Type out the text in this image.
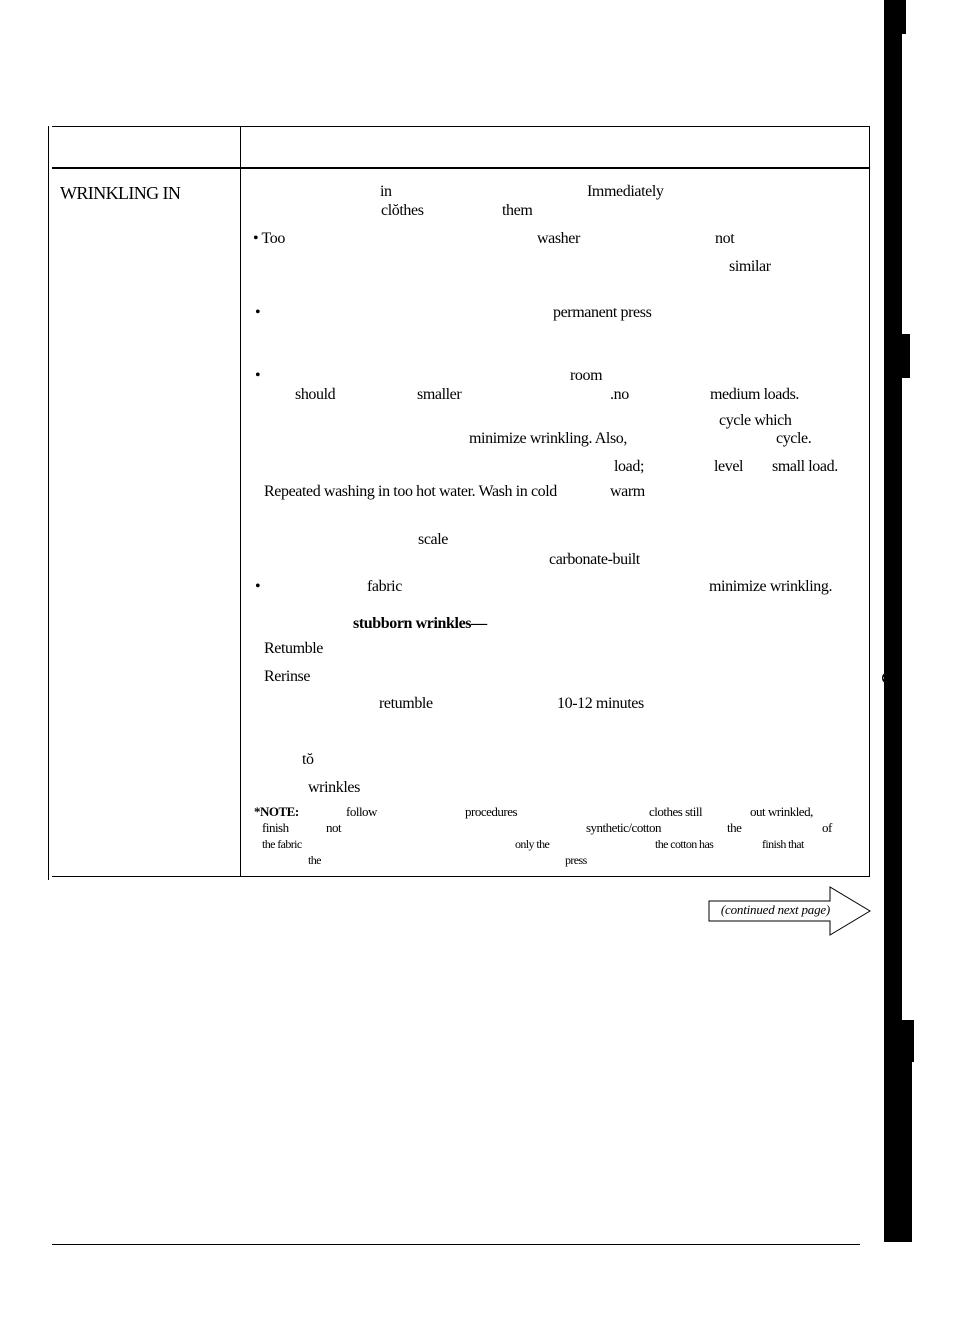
ȯ
WRINKLING IN	in	Immediately
clŏthes	them
• Too	washer	not
similar
•	permanent press
•	room
should	smaller	.no	medium loads.
cycle which
minimize wrinkling. Also,	cycle.
load;	level small load.
Repeated washing in too hot water. Wash in cold	warm
scale
carbonate-built
•	fabric	minimize wrinkling.
stubborn wrinkles—
Retumble
Rerinse
retumble	10-12 minutes
tŏ
wrinkles
*NOTE:	follow	procedures	clothes still	out wrinkled,
finish	not	synthetic/cotton	the	of
the fabric	only the	the cotton has	finish that
the	press
(continued next page)
